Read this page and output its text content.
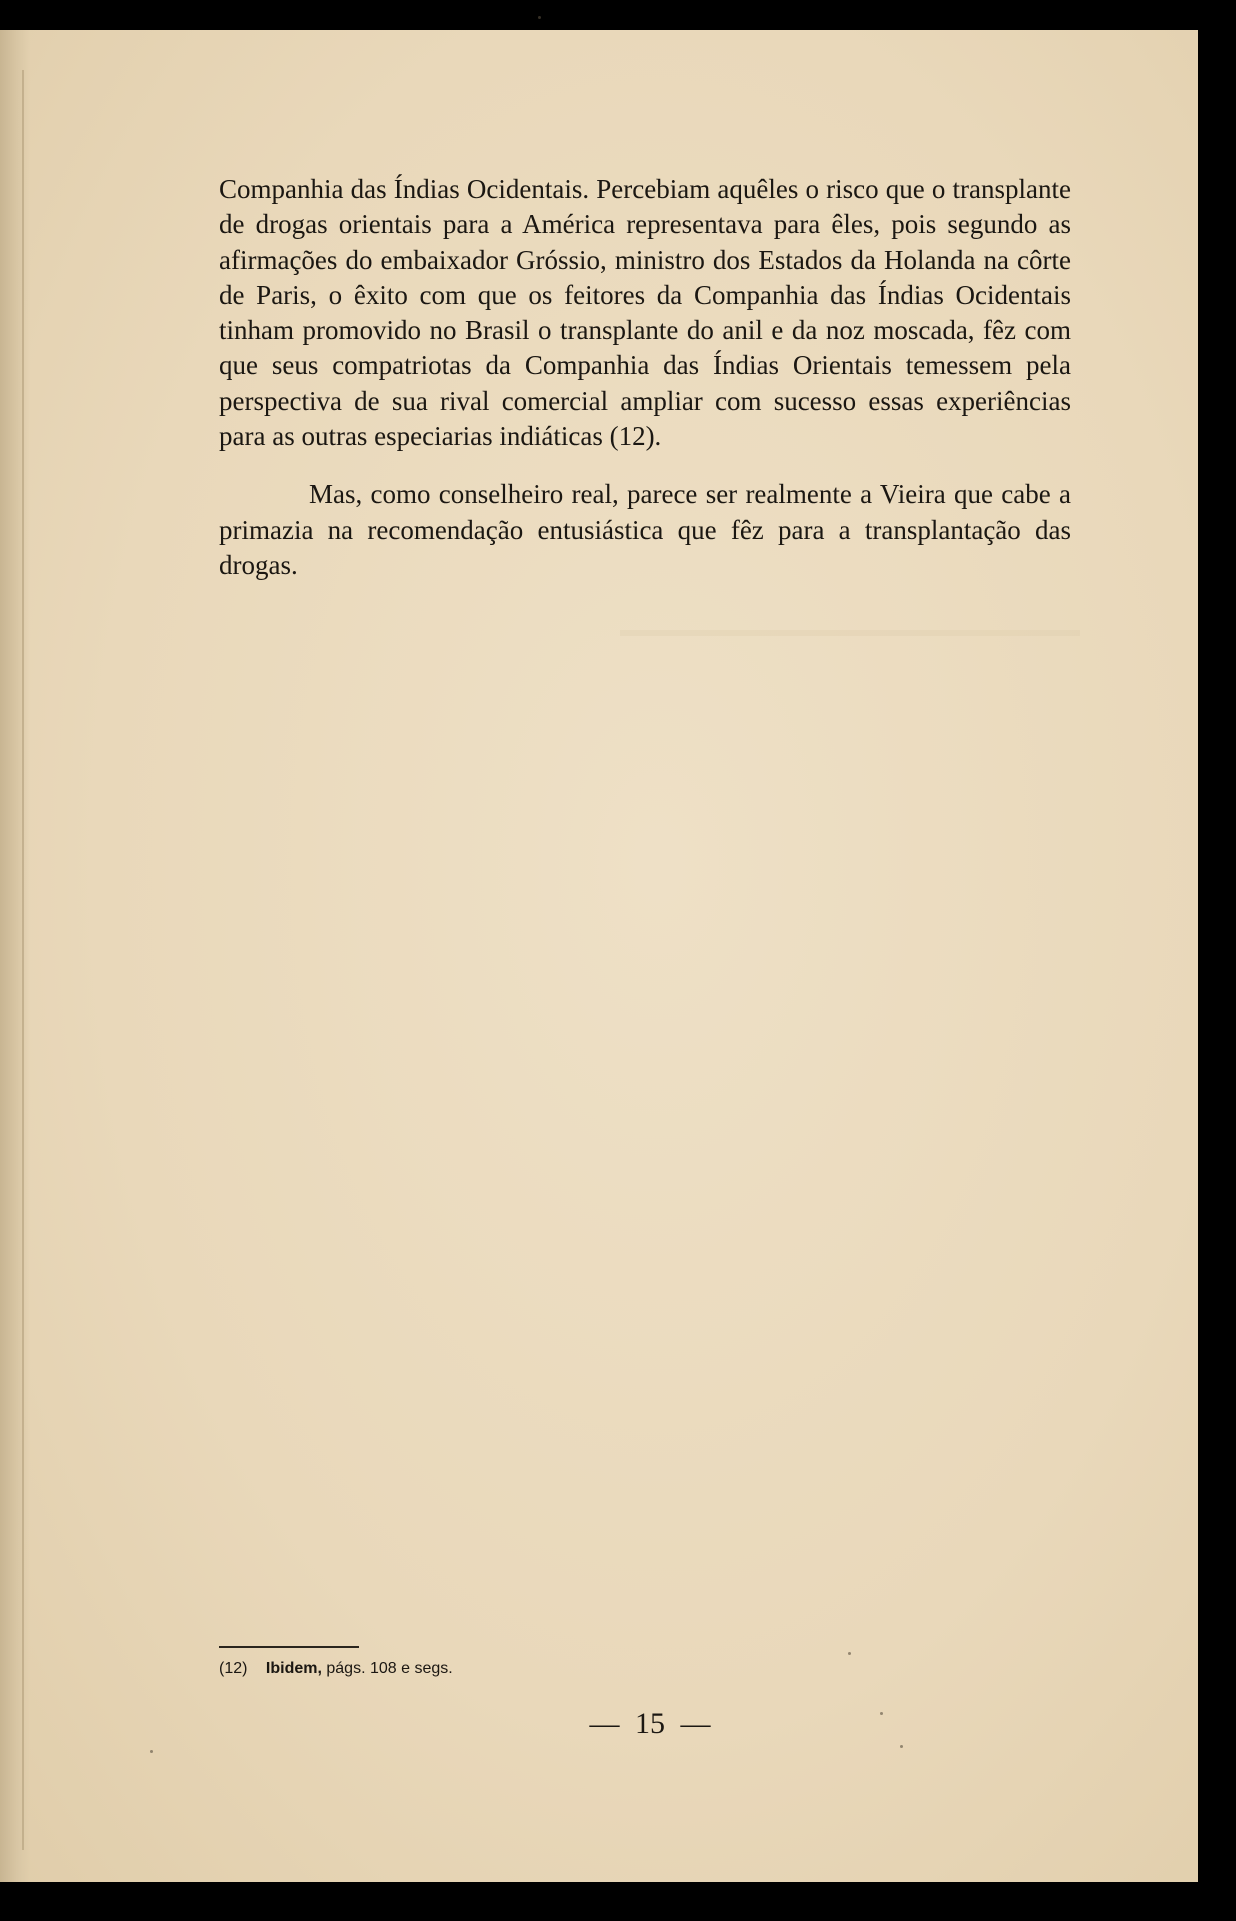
Companhia das Índias Ocidentais. Percebiam aquêles o risco que o transplante de drogas orientais para a América representava para êles, pois segundo as afirmações do embaixador Gróssio, ministro dos Estados da Holanda na côrte de Paris, o êxito com que os feitores da Companhia das Índias Ocidentais tinham promovido no Brasil o transplante do anil e da noz moscada, fêz com que seus compatriotas da Companhia das Índias Orientais temessem pela perspectiva de sua rival comercial ampliar com sucesso essas experiências para as outras especiarias indiáticas (12).

Mas, como conselheiro real, parece ser realmente a Vieira que cabe a primazia na recomendação entusiástica que fêz para a transplantação das drogas.

(12) Ibidem, págs. 108 e segs.
— 15 —
